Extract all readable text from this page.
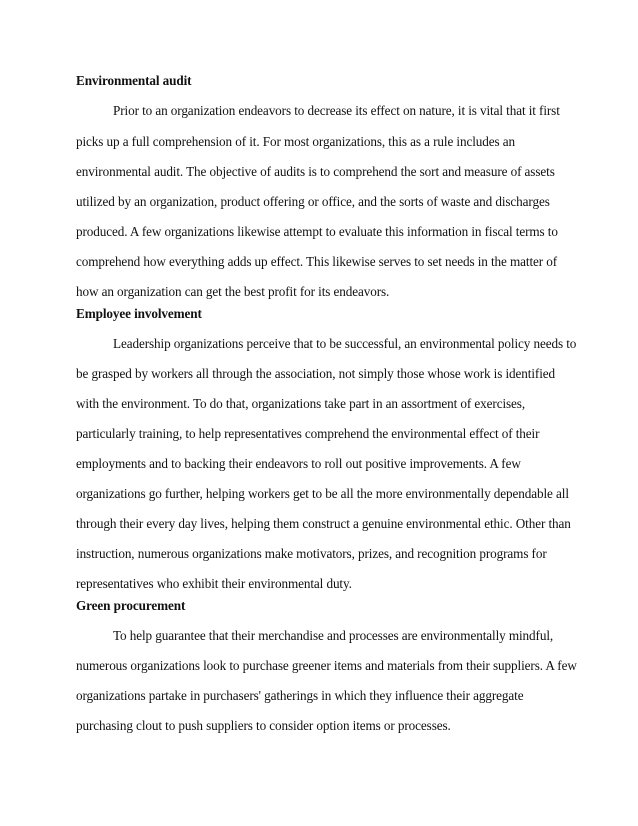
Environmental audit
Prior to an organization endeavors to decrease its effect on nature, it is vital that it first
picks up a full comprehension of it. For most organizations, this as a rule includes an
environmental audit. The objective of audits is to comprehend the sort and measure of assets
utilized by an organization, product offering or office, and the sorts of waste and discharges
produced. A few organizations likewise attempt to evaluate this information in fiscal terms to
comprehend how everything adds up effect. This likewise serves to set needs in the matter of
how an organization can get the best profit for its endeavors.
Employee involvement
Leadership organizations perceive that to be successful, an environmental policy needs to
be grasped by workers all through the association, not simply those whose work is identified
with the environment. To do that, organizations take part in an assortment of exercises,
particularly training, to help representatives comprehend the environmental effect of their
employments and to backing their endeavors to roll out positive improvements. A few
organizations go further, helping workers get to be all the more environmentally dependable all
through their every day lives, helping them construct a genuine environmental ethic. Other than
instruction, numerous organizations make motivators, prizes, and recognition programs for
representatives who exhibit their environmental duty.
Green procurement
To help guarantee that their merchandise and processes are environmentally mindful,
numerous organizations look to purchase greener items and materials from their suppliers. A few
organizations partake in purchasers' gatherings in which they influence their aggregate
purchasing clout to push suppliers to consider option items or processes.
